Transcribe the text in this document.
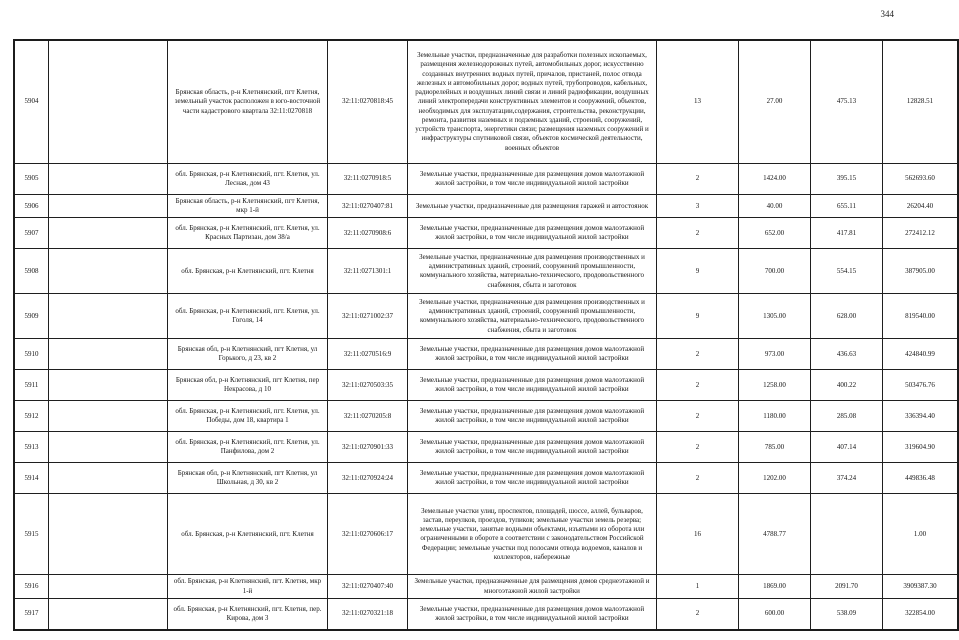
344
5904		Брянская область, р-н Клетнянский, пгт Клетня, земельный участок расположен в юго-восточной части кадастрового квартала 32:11:0270818	32:11:0270818:45	Земельные участки, предназначенные для разработки полезных ископаемых, размещения железнодорожных путей, автомобильных дорог, искусственно созданных внутренних водных путей, причалов, пристаней, полос отвода железных и автомобильных дорог, водных путей, трубопроводов, кабельных, радиорелейных и воздушных линий связи и линий радиофикации, воздушных линий электропередачи конструктивных элементов и сооружений, объектов, необходимых для эксплуатации,содержания, строительства, реконструкции, ремонта, развития наземных и подземных зданий, строений, сооружений, устройств транспорта, энергетики связи; размещения наземных сооружений и инфраструктуры спутниковой связи, объектов космической деятельности, военных объектов	13	27.00	475.13	12828.51
5905		обл. Брянская, р-н Клетнянский, пгт. Клетня, ул. Лесная, дом 43	32:11:0270918:5	Земельные участки, предназначенные для размещения домов малоэтажной жилой застройки, в том числе индивидуальной жилой застройки	2	1424.00	395.15	562693.60
5906		Брянская область, р-н Клетнянский, пгт Клетня, мкр 1-й	32:11:0270407:81	Земельные участки, предназначенные для размещения гаражей и автостоянок	3	40.00	655.11	26204.40
5907		обл. Брянская, р-н Клетнянский, пгт. Клетня, ул. Красных Партизан, дом 38/а	32:11:0270908:6	Земельные участки, предназначенные для размещения домов малоэтажной жилой застройки, в том числе индивидуальной жилой застройки	2	652.00	417.81	272412.12
5908		обл. Брянская, р-н Клетнянский, пгт. Клетня	32:11:0271301:1	Земельные участки, предназначенные для размещения производственных и административных зданий, строений, сооружений промышленности, коммунального хозяйства, материально-технического, продовольственного снабжения, сбыта и заготовок	9	700.00	554.15	387905.00
5909		обл. Брянская, р-н Клетнянский, пгт. Клетня, ул. Гоголя, 14	32:11:0271002:37	Земельные участки, предназначенные для размещения производственных и административных зданий, строений, сооружений промышленности, коммунального хозяйства, материально-технического, продовольственного снабжения, сбыта и заготовок	9	1305.00	628.00	819540.00
5910		Брянская обл, р-н Клетнянский, пгт Клетня, ул Горького, д 23, кв 2	32:11:0270516:9	Земельные участки, предназначенные для размещения домов малоэтажной жилой застройки, в том числе индивидуальной жилой застройки	2	973.00	436.63	424840.99
5911		Брянская обл, р-н Клетнянский, пгт Клетня, пер Некрасова, д 10	32:11:0270503:35	Земельные участки, предназначенные для размещения домов малоэтажной жилой застройки, в том числе индивидуальной жилой застройки	2	1258.00	400.22	503476.76
5912		обл. Брянская, р-н Клетнянский, пгт. Клетня, ул. Победы, дом 18, квартира 1	32:11:0270205:8	Земельные участки, предназначенные для размещения домов малоэтажной жилой застройки, в том числе индивидуальной жилой застройки	2	1180.00	285.08	336394.40
5913		обл. Брянская, р-н Клетнянский, пгт. Клетня, ул. Панфилова, дом 2	32:11:0270901:33	Земельные участки, предназначенные для размещения домов малоэтажной жилой застройки, в том числе индивидуальной жилой застройки	2	785.00	407.14	319604.90
5914		Брянская обл, р-н Клетнянский, пгт Клетня, ул Школьная, д 30, кв 2	32:11:0270924:24	Земельные участки, предназначенные для размещения домов малоэтажной жилой застройки, в том числе индивидуальной жилой застройки	2	1202.00	374.24	449836.48
5915		обл. Брянская, р-н Клетнянский, пгт. Клетня	32:11:0270606:17	Земельные участки улиц, проспектов, площадей, шоссе, аллей, бульваров, застав, переулков, проездов, тупиков; земельные участки земель резерва; земельные участки, занятые водными объектами, изъятыми из оборота или ограниченными в обороте в соответствии с законодательством Российской Федерации; земельные участки под полосами отвода водоемов, каналов и коллекторов, набережные	16	4788.77		1.00
5916		обл. Брянская, р-н Клетнянский, пгт. Клетня, мкр 1-й	32:11:0270407:40	Земельные участки, предназначенные для размещения домов среднеэтажной и многоэтажной жилой застройки	1	1869.00	2091.70	3909387.30
5917		обл. Брянская, р-н Клетнянский, пгт. Клетня, пер. Кирова, дом 3	32:11:0270321:18	Земельные участки, предназначенные для размещения домов малоэтажной жилой застройки, в том числе индивидуальной жилой застройки	2	600.00	538.09	322854.00
